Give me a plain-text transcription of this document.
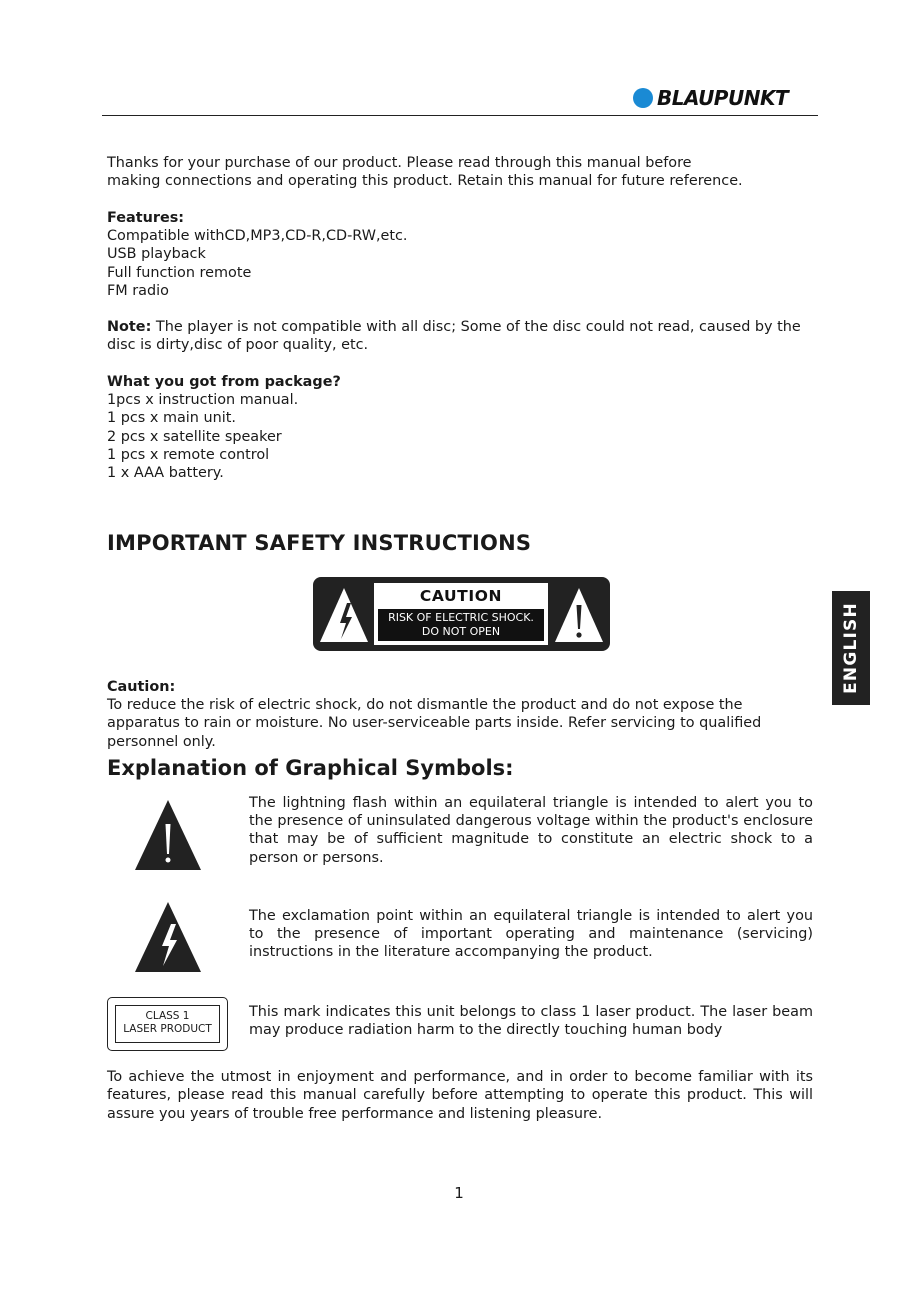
BLAUPUNKT

Thanks for your purchase of our product. Please read through this manual before making connections and operating this product. Retain this manual for future reference.

Features:

Compatible withCD,MP3,CD-R,CD-RW,etc.

USB playback

Full function remote

FM radio

Note: The player is not compatible with all disc; Some of the disc could not read, caused by the disc is dirty,disc of poor quality, etc.

What you got from package?

1pcs x instruction manual.

1 pcs x main unit.

2 pcs x satellite speaker

1 pcs x remote control

1 x AAA battery.

IMPORTANT SAFETY INSTRUCTIONS
CAUTION
RISK OF ELECTRIC SHOCK.
DO NOT OPEN

Caution:

To reduce the risk of electric shock, do not dismantle the product and do not expose the apparatus to rain or moisture. No user-serviceable parts inside. Refer servicing to qualified personnel only.

Explanation of Graphical Symbols:
The lightning flash within an equilateral triangle is intended to alert you to the presence of uninsulated dangerous voltage within the product's enclosure that may be of sufficient magnitude to constitute an electric shock to a person or persons.
The exclamation point within an equilateral triangle is intended to alert you to the presence of important operating and maintenance (servicing) instructions in the literature accompanying the product.
CLASS 1
LASER PRODUCT
This mark indicates this unit belongs to class 1 laser product. The laser beam may produce radiation harm to the directly touching human body
To achieve the utmost in enjoyment and performance, and in order to become familiar with its features, please read this manual carefully before attempting to operate this product. This will assure you years of trouble free performance and listening pleasure.
1
ENGLISH
